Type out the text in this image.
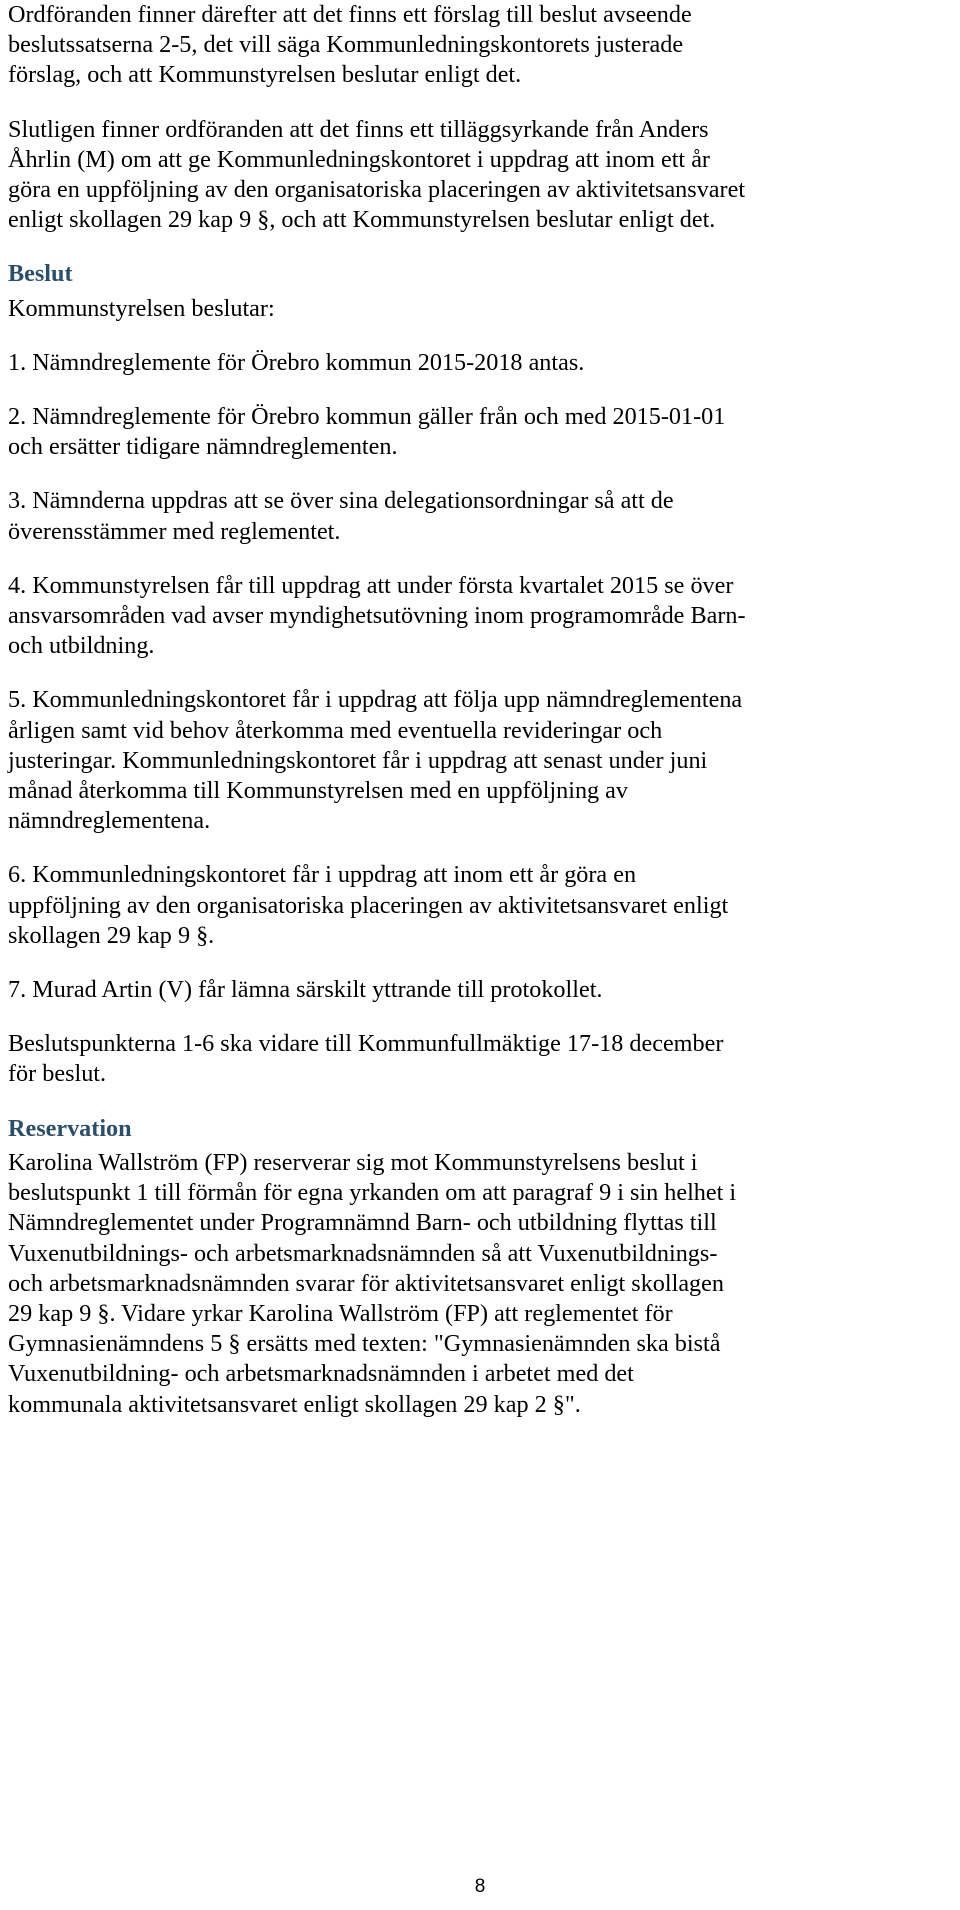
Ordföranden finner därefter att det finns ett förslag till beslut avseende
beslutssatserna 2-5, det vill säga Kommunledningskontorets justerade
förslag, och att Kommunstyrelsen beslutar enligt det.
Slutligen finner ordföranden att det finns ett tilläggsyrkande från Anders
Åhrlin (M) om att ge Kommunledningskontoret i uppdrag att inom ett år
göra en uppföljning av den organisatoriska placeringen av aktivitetsansvaret
enligt skollagen 29 kap 9 §, och att Kommunstyrelsen beslutar enligt det.
Beslut
Kommunstyrelsen beslutar:
1. Nämndreglemente för Örebro kommun 2015-2018 antas.
2. Nämndreglemente för Örebro kommun gäller från och med 2015-01-01
och ersätter tidigare nämndreglementen.
3. Nämnderna uppdras att se över sina delegationsordningar så att de
överensstämmer med reglementet.
4. Kommunstyrelsen får till uppdrag att under första kvartalet 2015 se över
ansvarsområden vad avser myndighetsutövning inom programområde Barn-
och utbildning.
5. Kommunledningskontoret får i uppdrag att följa upp nämndreglementena
årligen samt vid behov återkomma med eventuella revideringar och
justeringar. Kommunledningskontoret får i uppdrag att senast under juni
månad återkomma till Kommunstyrelsen med en uppföljning av
nämndreglementena.
6. Kommunledningskontoret får i uppdrag att inom ett år göra en
uppföljning av den organisatoriska placeringen av aktivitetsansvaret enligt
skollagen 29 kap 9 §.
7. Murad Artin (V) får lämna särskilt yttrande till protokollet.
Beslutspunkterna 1-6 ska vidare till Kommunfullmäktige 17-18 december
för beslut.
Reservation
Karolina Wallström (FP) reserverar sig mot Kommunstyrelsens beslut i
beslutspunkt 1 till förmån för egna yrkanden om att paragraf 9 i sin helhet i
Nämndreglementet under Programnämnd Barn- och utbildning flyttas till
Vuxenutbildnings- och arbetsmarknadsnämnden så att Vuxenutbildnings-
och arbetsmarknadsnämnden svarar för aktivitetsansvaret enligt skollagen
29 kap 9 §. Vidare yrkar Karolina Wallström (FP) att reglementet för
Gymnasienämndens 5 § ersätts med texten: "Gymnasienämnden ska bistå
Vuxenutbildning- och arbetsmarknadsnämnden i arbetet med det
kommunala aktivitetsansvaret enligt skollagen 29 kap 2 §".
8
